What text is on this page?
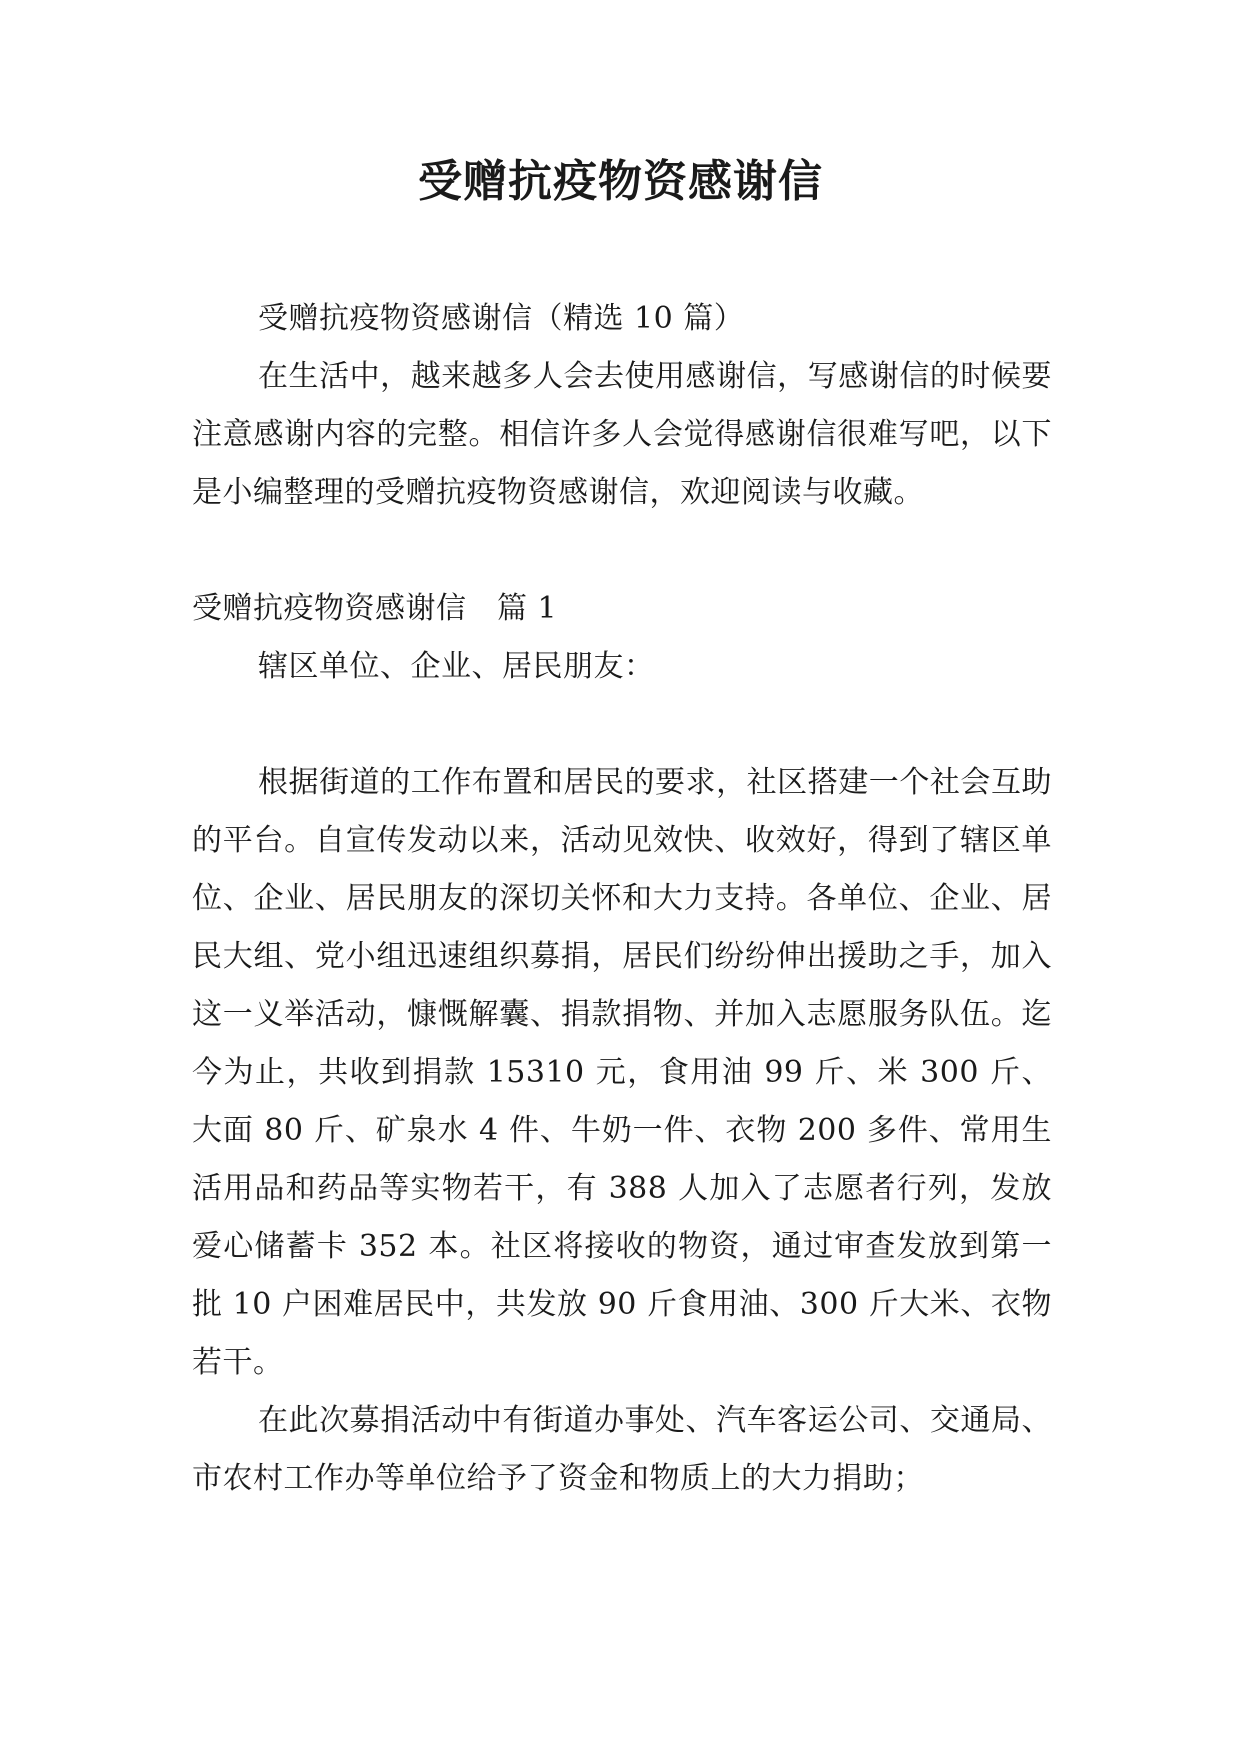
受赠抗疫物资感谢信

受赠抗疫物资感谢信（精选 10 篇）

在生活中，越来越多人会去使用感谢信，写感谢信的时候要注意感谢内容的完整。相信许多人会觉得感谢信很难写吧，以下是小编整理的受赠抗疫物资感谢信，欢迎阅读与收藏。

受赠抗疫物资感谢信　篇 1

辖区单位、企业、居民朋友：

根据街道的工作布置和居民的要求，社区搭建一个社会互助的平台。自宣传发动以来，活动见效快、收效好，得到了辖区单位、企业、居民朋友的深切关怀和大力支持。各单位、企业、居民大组、党小组迅速组织募捐，居民们纷纷伸出援助之手，加入这一义举活动，慷慨解囊、捐款捐物、并加入志愿服务队伍。迄今为止，共收到捐款 15310 元，食用油 99 斤、米 300 斤、大面 80 斤、矿泉水 4 件、牛奶一件、衣物 200 多件、常用生活用品和药品等实物若干，有 388 人加入了志愿者行列，发放爱心储蓄卡 352 本。社区将接收的物资，通过审查发放到第一批 10 户困难居民中，共发放 90 斤食用油、300 斤大米、衣物若干。

在此次募捐活动中有街道办事处、汽车客运公司、交通局、市农村工作办等单位给予了资金和物质上的大力捐助；
